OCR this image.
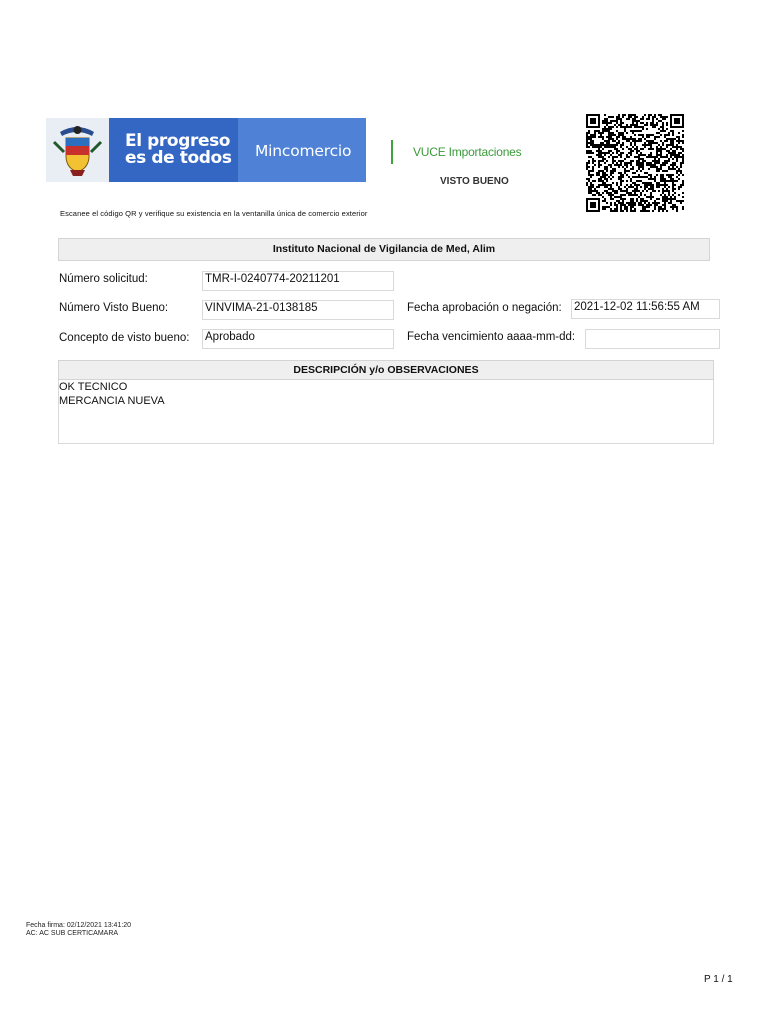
El progreso
es de todos Mincomercio	VUCE Importaciones
VISTO BUENO
Escanee el código QR y verifique su existencia en la ventanilla única de comercio exterior
Instituto Nacional de Vigilancia de Med, Alim
Número solicitud:	TMR-I-0240774-20211201
Número Visto Bueno:	VINVIMA-21-0138185	Fecha aprobación o negación: 2021-12-02 11:56:55 AM
Concepto de visto bueno: Aprobado	Fecha vencimiento aaaa-mm-dd:
DESCRIPCIÓN y/o OBSERVACIONES
OK TECNICO
MERCANCIA NUEVA
Fecha firma: 02/12/2021 13:41:20
AC: AC SUB CERTICAMARA
P 1 / 1
